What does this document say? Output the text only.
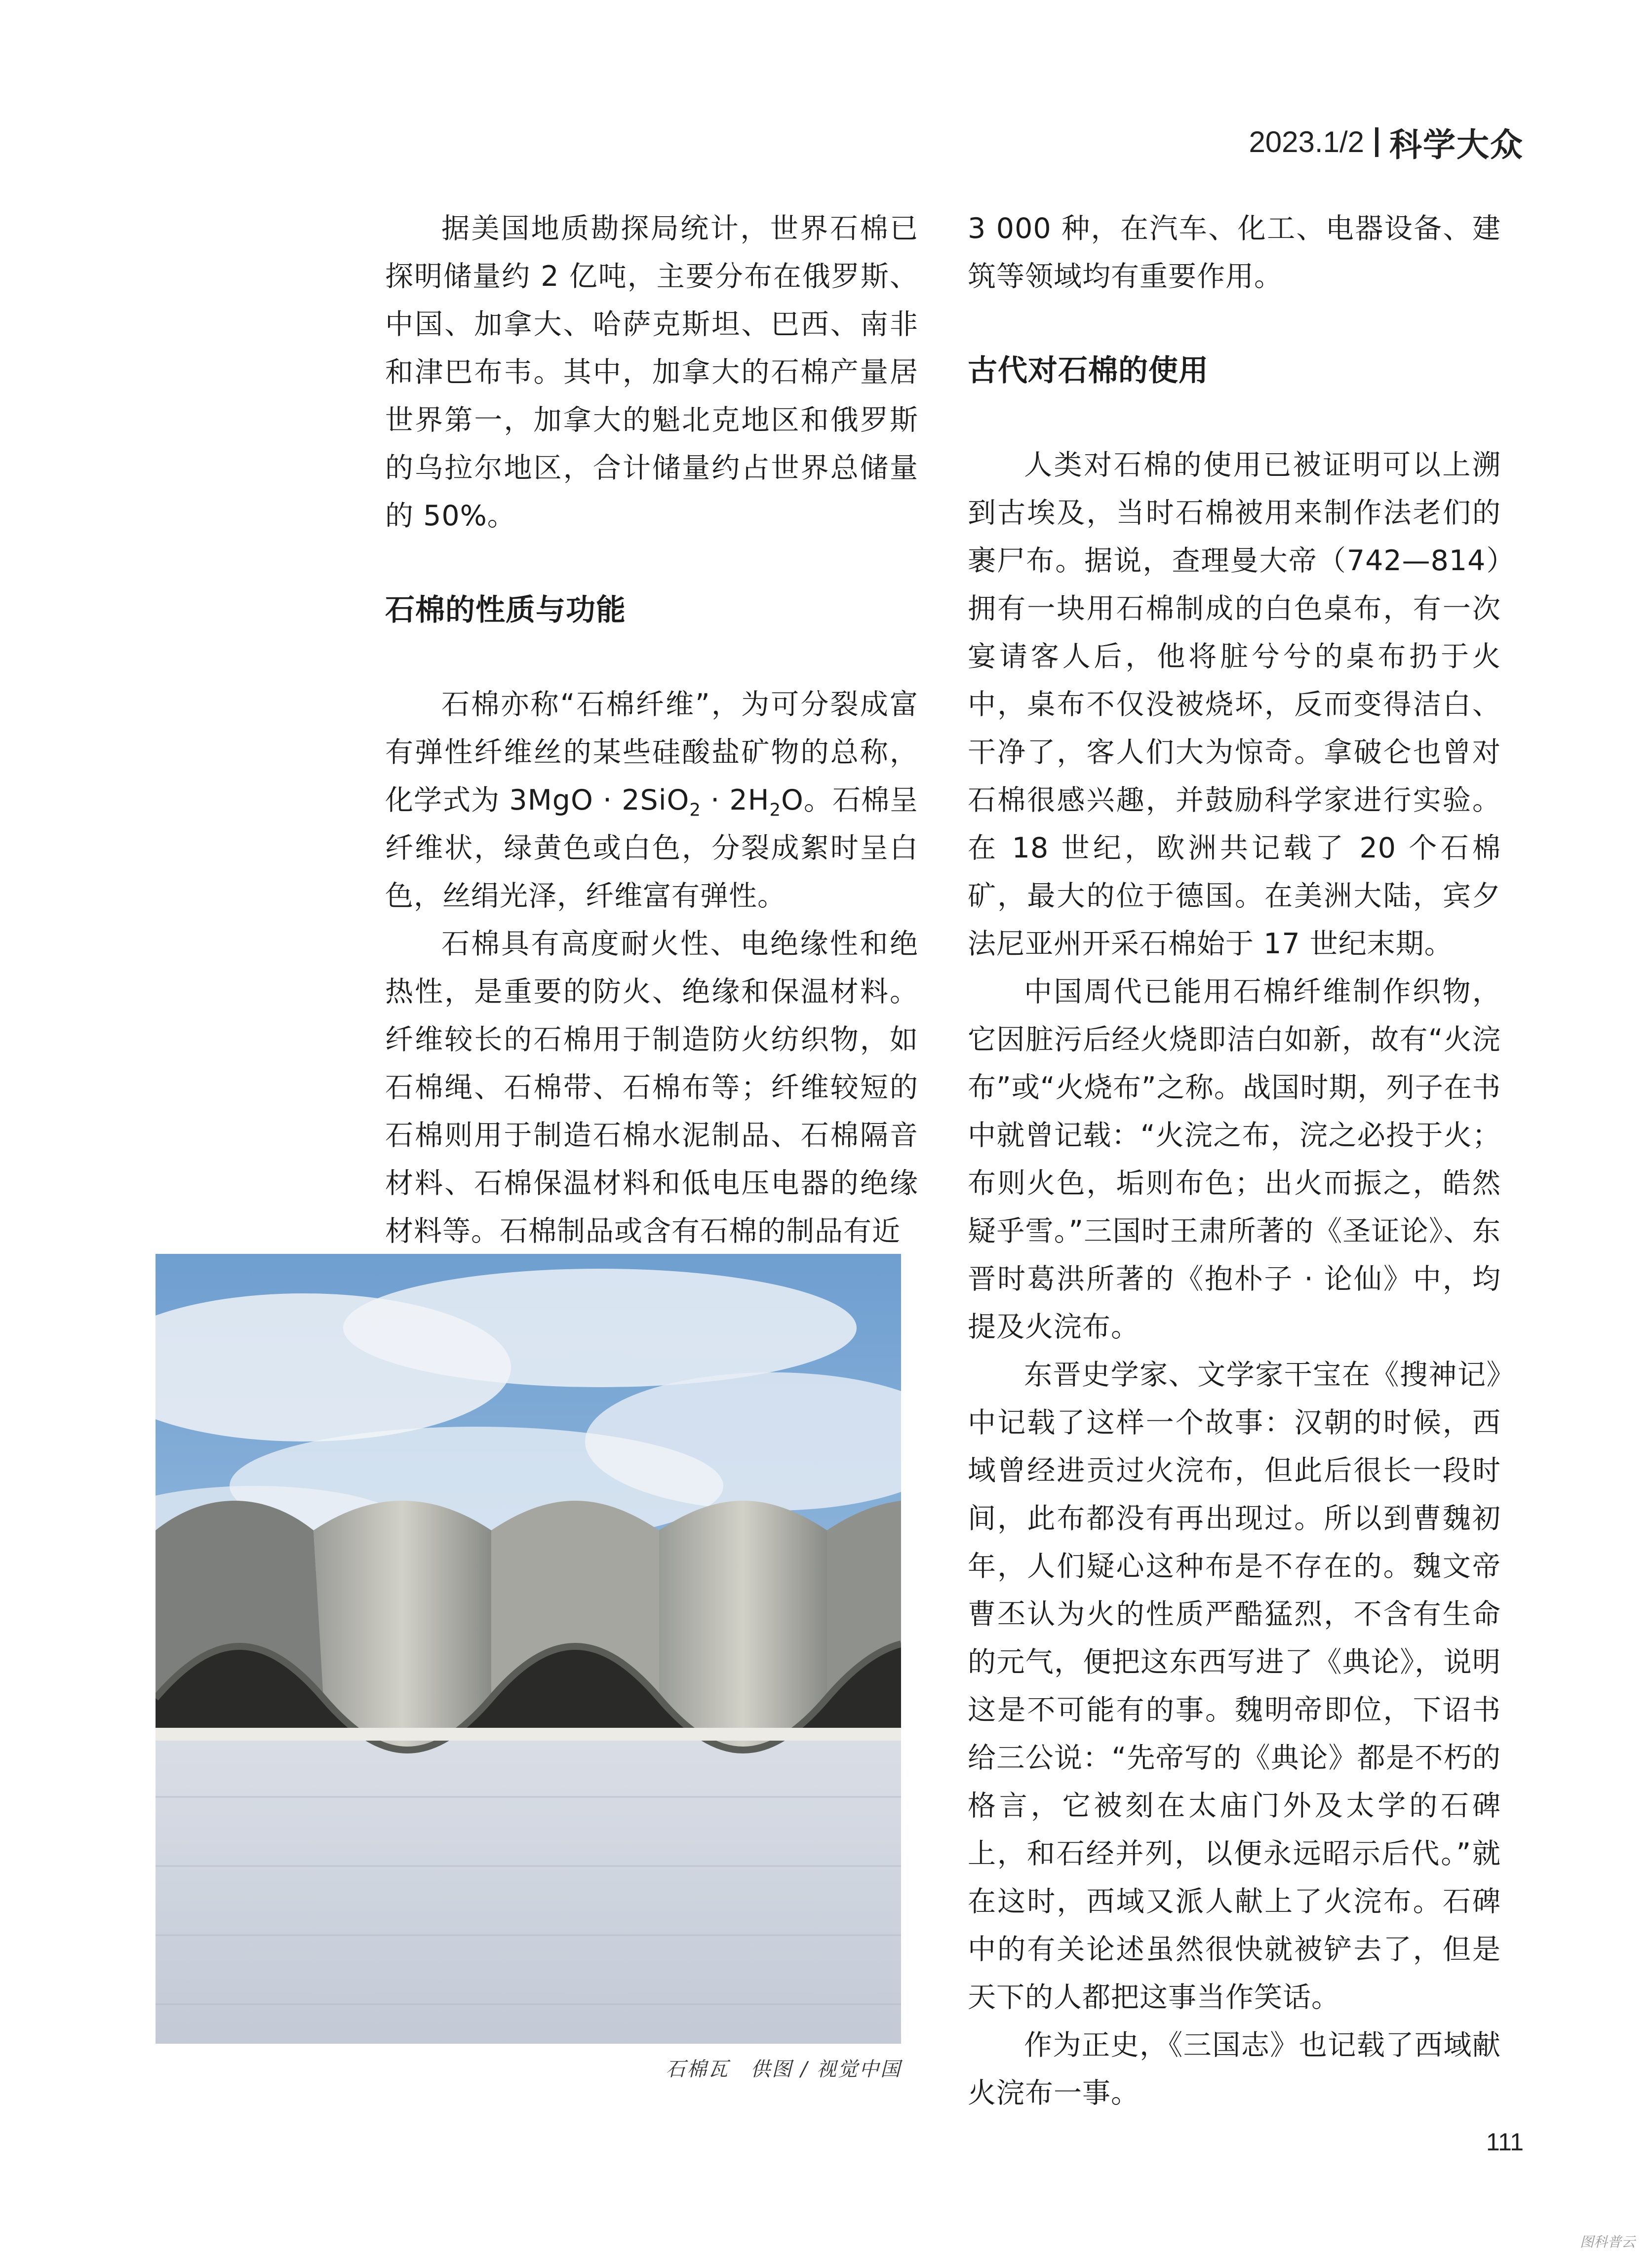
2023.1/2 科学大众

据美国地质勘探局统计，世界石棉已探明储量约 2 亿吨，主要分布在俄罗斯、中国、加拿大、哈萨克斯坦、巴西、南非和津巴布韦。其中，加拿大的石棉产量居世界第一，加拿大的魁北克地区和俄罗斯的乌拉尔地区，合计储量约占世界总储量的 50%。

石棉的性质与功能

石棉亦称“石棉纤维”，为可分裂成富有弹性纤维丝的某些硅酸盐矿物的总称，化学式为 $3MgO \cdot 2SiO_2 \cdot 2H_2O$。石棉呈纤维状，绿黄色或白色，分裂成絮时呈白色，丝绢光泽，纤维富有弹性。

石棉具有高度耐火性、电绝缘性和绝热性，是重要的防火、绝缘和保温材料。纤维较长的石棉用于制造防火纺织物，如石棉绳、石棉带、石棉布等；纤维较短的石棉则用于制造石棉水泥制品、石棉隔音材料、石棉保温材料和低电压电器的绝缘材料等。石棉制品或含有石棉的制品有近

3 000 种，在汽车、化工、电器设备、建筑等领域均有重要作用。

古代对石棉的使用

人类对石棉的使用已被证明可以上溯到古埃及，当时石棉被用来制作法老们的裹尸布。据说，查理曼大帝（742—814）拥有一块用石棉制成的白色桌布，有一次宴请客人后，他将脏兮兮的桌布扔于火中，桌布不仅没被烧坏，反而变得洁白、干净了，客人们大为惊奇。拿破仑也曾对石棉很感兴趣，并鼓励科学家进行实验。在 18 世纪，欧洲共记载了 20 个石棉矿，最大的位于德国。在美洲大陆，宾夕法尼亚州开采石棉始于 17 世纪末期。

中国周代已能用石棉纤维制作织物，它因脏污后经火烧即洁白如新，故有“火浣布”或“火烧布”之称。战国时期，列子在书中就曾记载：“火浣之布，浣之必投于火；布则火色，垢则布色；出火而振之，皓然疑乎雪。”三国时王肃所著的《圣证论》、东晋时葛洪所著的《抱朴子 · 论仙》中，均提及火浣布。

东晋史学家、文学家干宝在《搜神记》中记载了这样一个故事：汉朝的时候，西域曾经进贡过火浣布，但此后很长一段时间，此布都没有再出现过。所以到曹魏初年，人们疑心这种布是不存在的。魏文帝曹丕认为火的性质严酷猛烈，不含有生命的元气，便把这东西写进了《典论》，说明这是不可能有的事。魏明帝即位，下诏书给三公说：“先帝写的《典论》都是不朽的格言，它被刻在太庙门外及太学的石碑上，和石经并列，以便永远昭示后代。”就在这时，西域又派人献上了火浣布。石碑中的有关论述虽然很快就被铲去了，但是天下的人都把这事当作笑话。

作为正史，《三国志》也记载了西域献火浣布一事。

石棉瓦　供图 / 视觉中国
111
图科普云
